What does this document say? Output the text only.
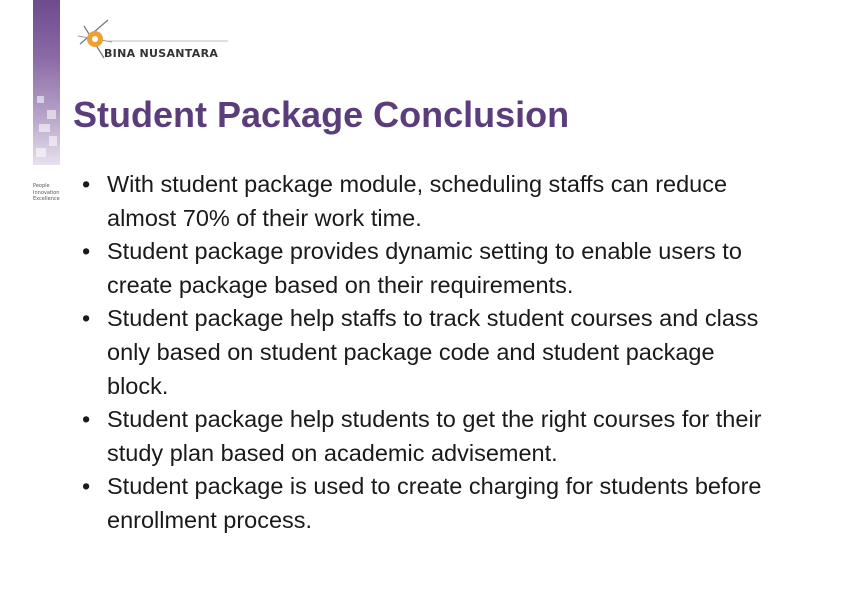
People
Innovation
Excellence
BINA NUSANTARA
Student Package Conclusion
• With student package module, scheduling staffs can reduce almost 70% of their work time.
• Student package provides dynamic setting to enable users to create package based on their requirements.
• Student package help staffs to track student courses and class only based on student package code and student package block.
• Student package help students to get the right courses for their study plan based on academic advisement.
• Student package is used to create charging for students before enrollment process.
